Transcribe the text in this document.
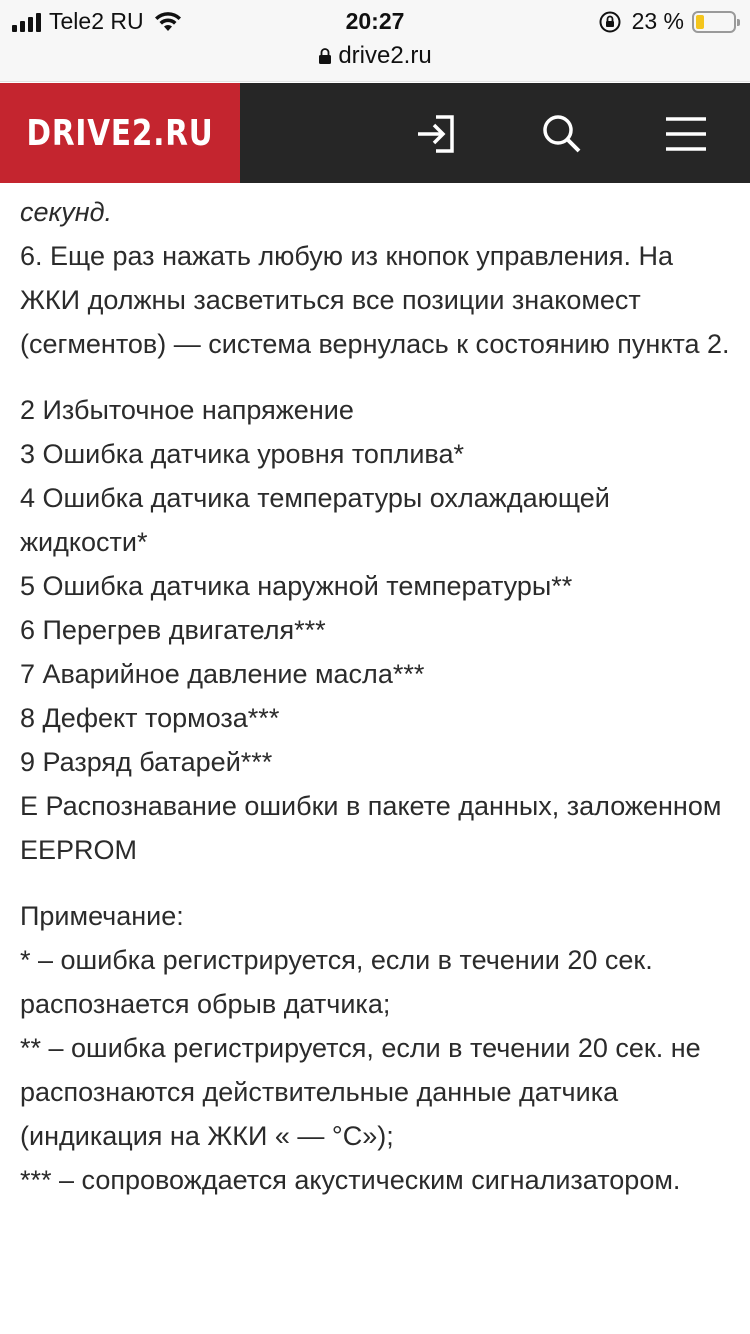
Tele2 RU	20:27	23 %
drive2.ru
DRIVE2.RU

секунд.

6. Еще раз нажать любую из кнопок управления. На ЖКИ должны засветиться все позиции знакомест (сегментов) — система вернулась к состоянию пункта 2.

2 Избыточное напряжение

3 Ошибка датчика уровня топлива*

4 Ошибка датчика температуры охлаждающей жидкости*

5 Ошибка датчика наружной температуры**

6 Перегрев двигателя***

7 Аварийное давление масла***

8 Дефект тормоза***

9 Разряд батарей***

E Распознавание ошибки в пакете данных, заложенном EEPROM

Примечание:

* – ошибка регистрируется, если в течении 20 сек. распознается обрыв датчика;

** – ошибка регистрируется, если в течении 20 сек. не распознаются действительные данные датчика (индикация на ЖКИ « — °С»);

*** – сопровождается акустическим сигнализатором.
